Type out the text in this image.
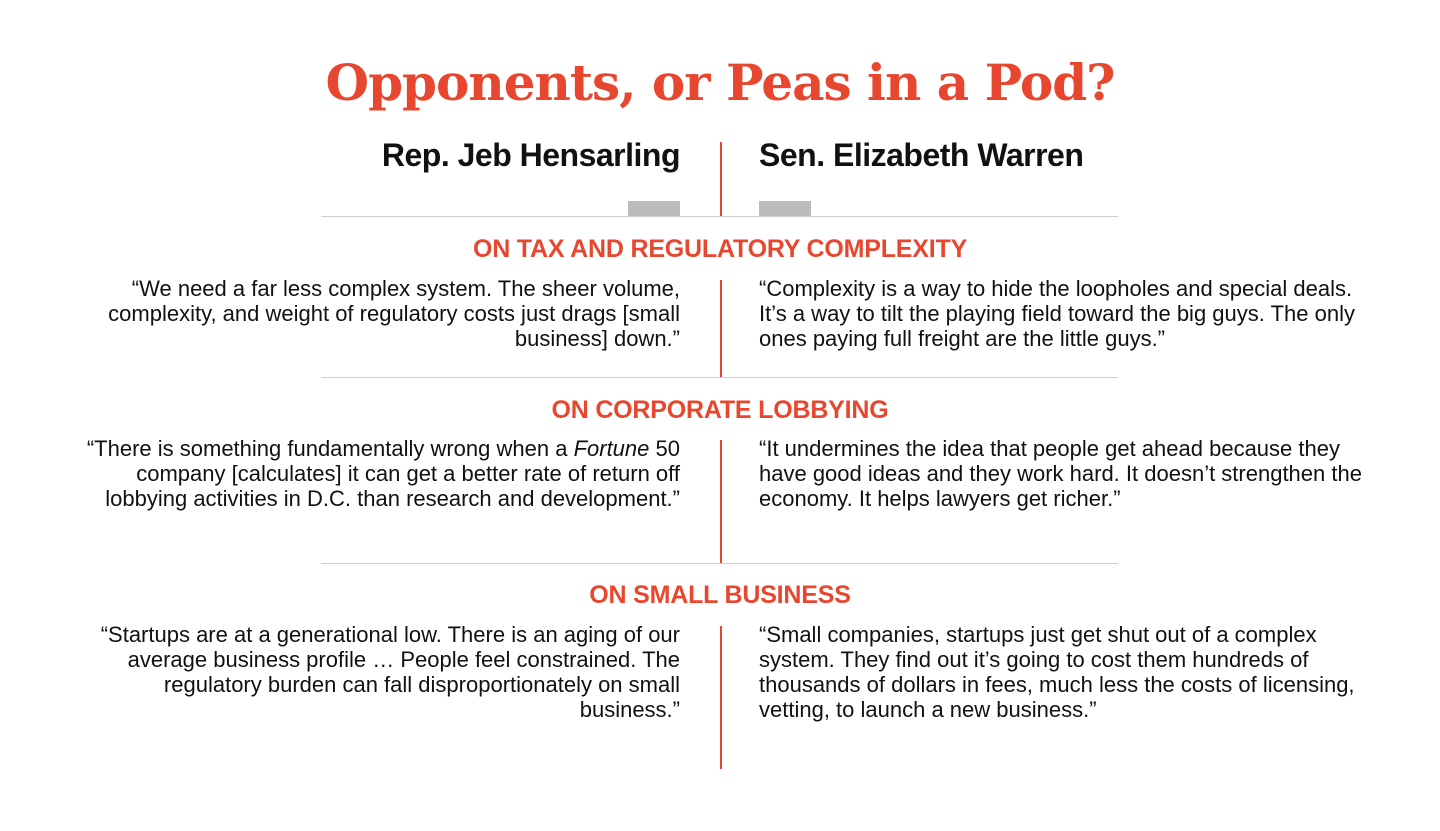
Opponents, or Peas in a Pod?
Rep. Jeb Hensarling Sen. Elizabeth Warren
ON TAX AND REGULATORY COMPLEXITY

“We need a far less complex system. The sheer volume, complexity, and weight of regulatory costs just drags [small business] down.”

“Complexity is a way to hide the loopholes and special deals. It’s a way to tilt the playing field toward the big guys. The only ones paying full freight are the little guys.”

ON CORPORATE LOBBYING

“There is something fundamentally wrong when a Fortune 50 company [calculates] it can get a better rate of return off lobbying activities in D.C. than research and development.”

“It undermines the idea that people get ahead because they have good ideas and they work hard. It doesn’t strengthen the economy. It helps lawyers get richer.”

ON SMALL BUSINESS

“Startups are at a generational low. There is an aging of our average business profile … People feel constrained. The regulatory burden can fall disproportionately on small business.”

“Small companies, startups just get shut out of a complex system. They find out it’s going to cost them hundreds of thousands of dollars in fees, much less the costs of licensing, vetting, to launch a new business.”
